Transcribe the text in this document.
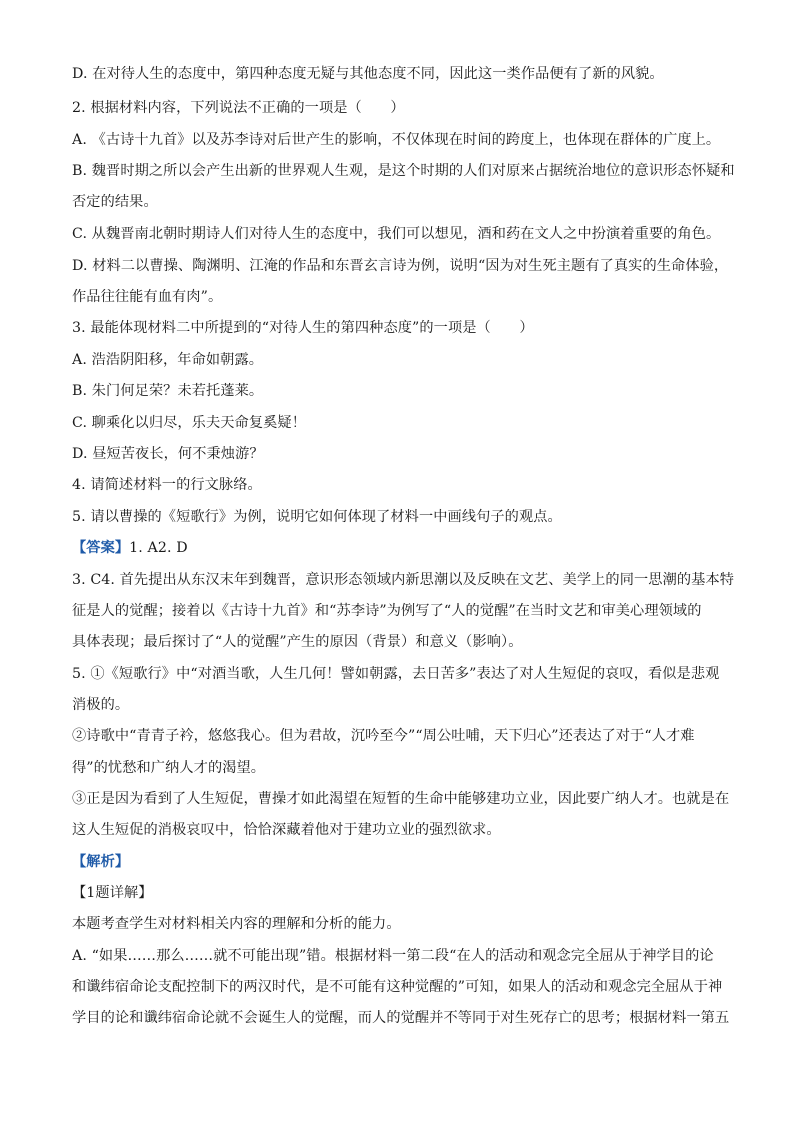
D. 在对待人生的态度中，第四种态度无疑与其他态度不同，因此这一类作品便有了新的风貌。
2. 根据材料内容，下列说法不正确的一项是（　　）
A. 《古诗十九首》以及苏李诗对后世产生的影响，不仅体现在时间的跨度上，也体现在群体的广度上。
B. 魏晋时期之所以会产生出新的世界观人生观，是这个时期的人们对原来占据统治地位的意识形态怀疑和
否定的结果。
C. 从魏晋南北朝时期诗人们对待人生的态度中，我们可以想见，酒和药在文人之中扮演着重要的角色。
D. 材料二以曹操、陶渊明、江淹的作品和东晋玄言诗为例，说明“因为对生死主题有了真实的生命体验，
作品往往能有血有肉”。
3. 最能体现材料二中所提到的“对待人生的第四种态度”的一项是（　　）
A. 浩浩阴阳移，年命如朝露。
B. 朱门何足荣？未若托蓬莱。
C. 聊乘化以归尽，乐夫天命复奚疑！
D. 昼短苦夜长，何不秉烛游？
4. 请简述材料一的行文脉络。
5. 请以曹操的《短歌行》为例，说明它如何体现了材料一中画线句子的观点。
【答案】1. A2. D
3. C4. 首先提出从东汉末年到魏晋，意识形态领域内新思潮以及反映在文艺、美学上的同一思潮的基本特
征是人的觉醒；接着以《古诗十九首》和“苏李诗”为例写了“人的觉醒”在当时文艺和审美心理领域的
具体表现；最后探讨了“人的觉醒”产生的原因（背景）和意义（影响）。
5. ①《短歌行》中“对酒当歌，人生几何！譬如朝露，去日苦多”表达了对人生短促的哀叹，看似是悲观
消极的。
②诗歌中“青青子衿，悠悠我心。但为君故，沉吟至今”“周公吐哺，天下归心”还表达了对于“人才难
得”的忧愁和广纳人才的渴望。
③正是因为看到了人生短促，曹操才如此渴望在短暂的生命中能够建功立业，因此要广纳人才。也就是在
这人生短促的消极哀叹中，恰恰深藏着他对于建功立业的强烈欲求。
【解析】
【1题详解】
本题考查学生对材料相关内容的理解和分析的能力。
A. “如果……那么……就不可能出现”错。根据材料一第二段“在人的活动和观念完全屈从于神学目的论
和谶纬宿命论支配控制下的两汉时代，是不可能有这种觉醒的”可知，如果人的活动和观念完全屈从于神
学目的论和谶纬宿命论就不会诞生人的觉醒，而人的觉醒并不等同于对生死存亡的思考；根据材料一第五
